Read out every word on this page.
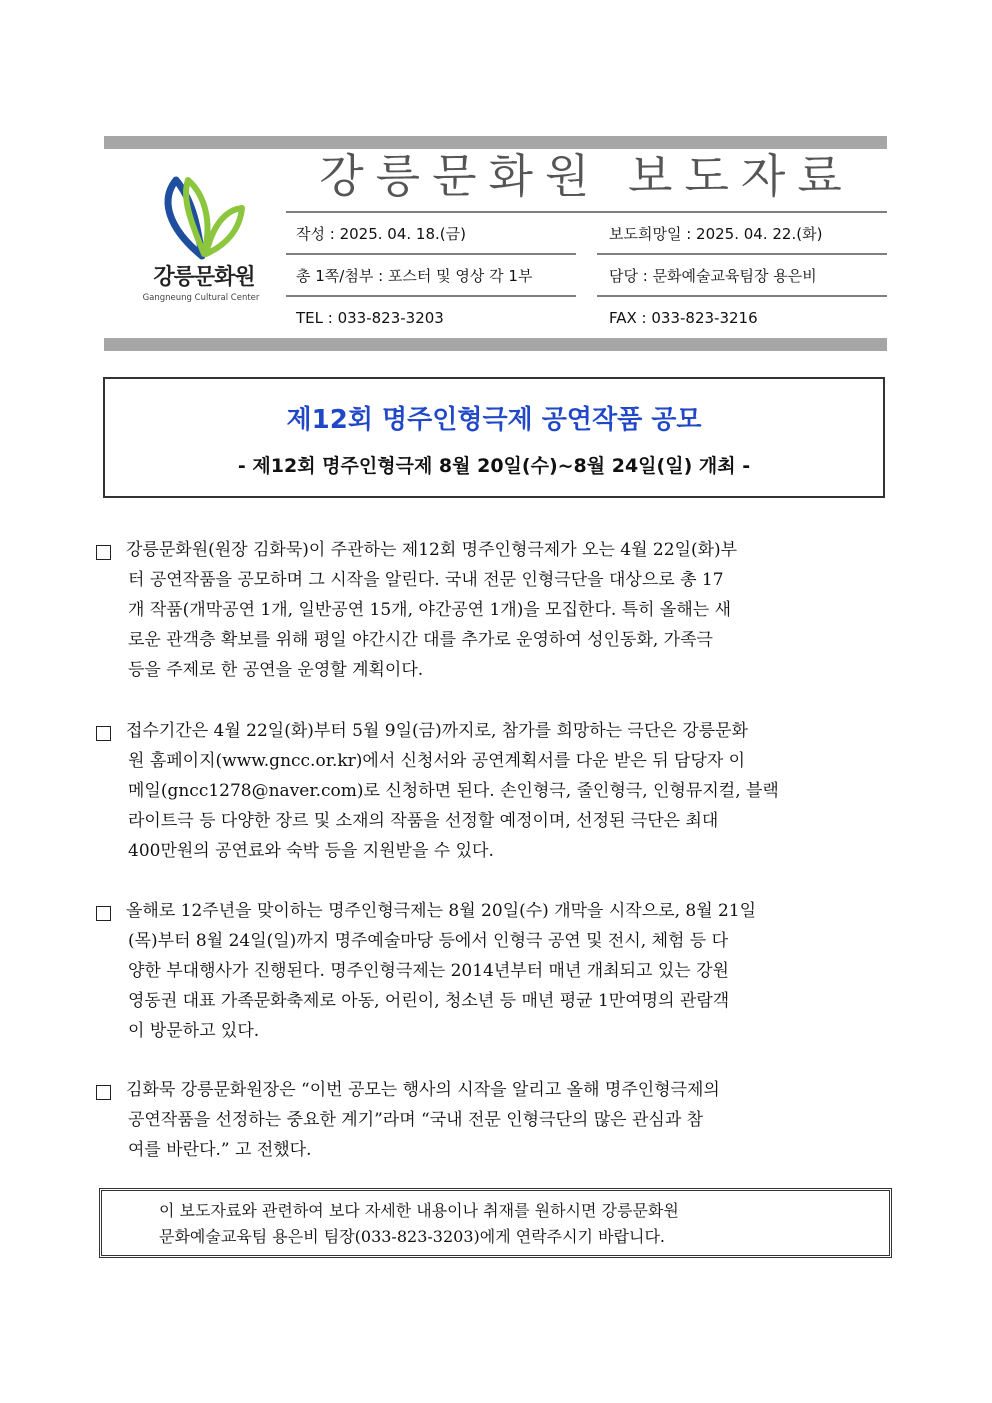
강릉문화원
Gangneung Cultural Center
강릉문화원 보도자료
작성 : 2025. 04. 18.(금)	보도희망일 : 2025. 04. 22.(화)
총 1쪽/첨부 : 포스터 및 영상 각 1부	담당 : 문화예술교육팀장 용은비
TEL : 033-823-3203	FAX : 033-823-3216
제12회 명주인형극제 공연작품 공모
- 제12회 명주인형극제 8월 20일(수)~8월 24일(일) 개최 -
강릉문화원(원장 김화묵)이 주관하는 제12회 명주인형극제가 오는 4월 22일(화)부
터 공연작품을 공모하며 그 시작을 알린다. 국내 전문 인형극단을 대상으로 총 17
개 작품(개막공연 1개, 일반공연 15개, 야간공연 1개)을 모집한다. 특히 올해는 새
로운 관객층 확보를 위해 평일 야간시간 대를 추가로 운영하여 성인동화, 가족극
등을 주제로 한 공연을 운영할 계획이다.
접수기간은 4월 22일(화)부터 5월 9일(금)까지로, 참가를 희망하는 극단은 강릉문화
원 홈페이지(www.gncc.or.kr)에서 신청서와 공연계획서를 다운 받은 뒤 담당자 이
메일(gncc1278@naver.com)로 신청하면 된다. 손인형극, 줄인형극, 인형뮤지컬, 블랙
라이트극 등 다양한 장르 및 소재의 작품을 선정할 예정이며, 선정된 극단은 최대
400만원의 공연료와 숙박 등을 지원받을 수 있다.
올해로 12주년을 맞이하는 명주인형극제는 8월 20일(수) 개막을 시작으로, 8월 21일
(목)부터 8월 24일(일)까지 명주예술마당 등에서 인형극 공연 및 전시, 체험 등 다
양한 부대행사가 진행된다. 명주인형극제는 2014년부터 매년 개최되고 있는 강원
영동권 대표 가족문화축제로 아동, 어린이, 청소년 등 매년 평균 1만여명의 관람객
이 방문하고 있다.
김화묵 강릉문화원장은 “이번 공모는 행사의 시작을 알리고 올해 명주인형극제의
공연작품을 선정하는 중요한 계기”라며 “국내 전문 인형극단의 많은 관심과 참
여를 바란다.” 고 전했다.
이 보도자료와 관련하여 보다 자세한 내용이나 취재를 원하시면 강릉문화원
문화예술교육팀 용은비 팀장(033-823-3203)에게 연락주시기 바랍니다.
